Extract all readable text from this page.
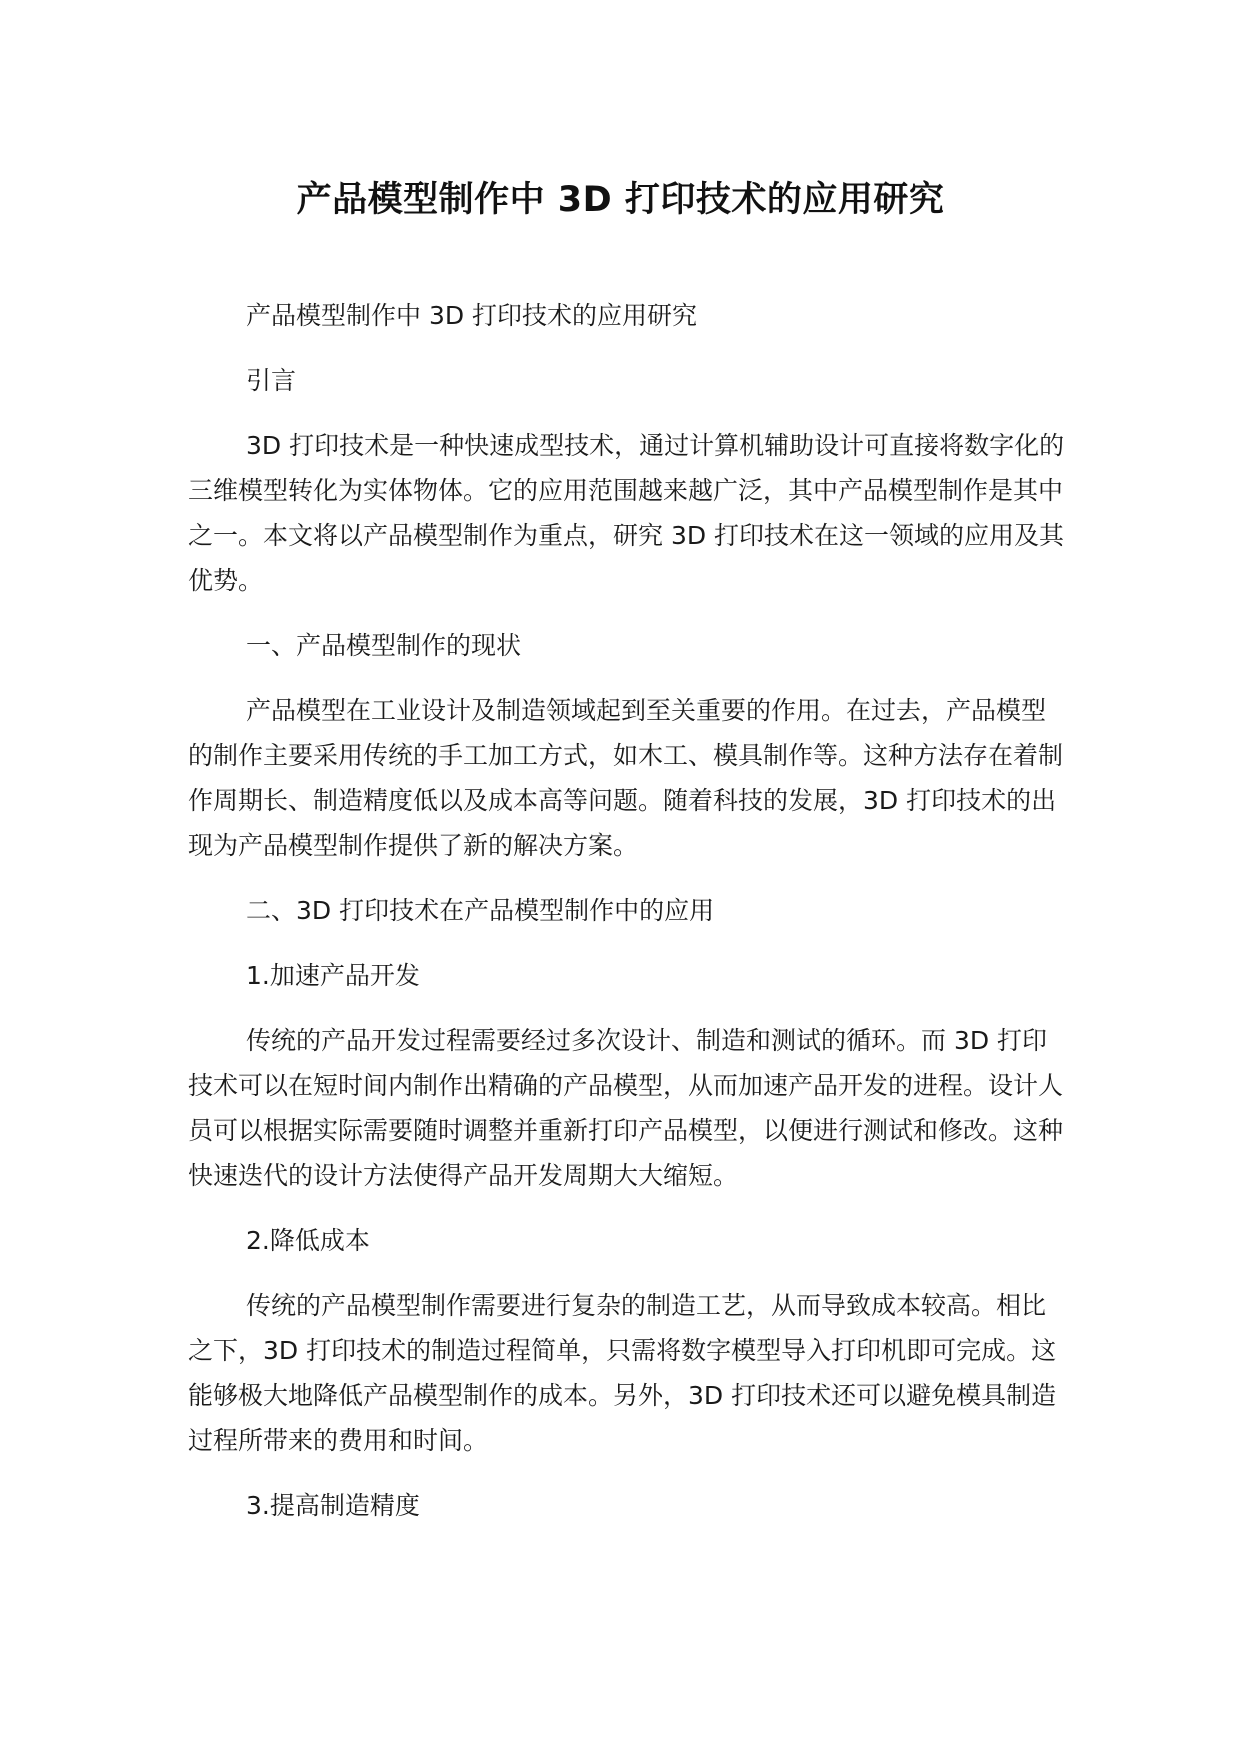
产品模型制作中 3D 打印技术的应用研究

产品模型制作中 3D 打印技术的应用研究

引言

3D 打印技术是一种快速成型技术，通过计算机辅助设计可直接将数字化的三维模型转化为实体物体。它的应用范围越来越广泛，其中产品模型制作是其中之一。本文将以产品模型制作为重点，研究 3D 打印技术在这一领域的应用及其优势。

一、产品模型制作的现状

产品模型在工业设计及制造领域起到至关重要的作用。在过去，产品模型的制作主要采用传统的手工加工方式，如木工、模具制作等。这种方法存在着制作周期长、制造精度低以及成本高等问题。随着科技的发展，3D 打印技术的出现为产品模型制作提供了新的解决方案。

二、3D 打印技术在产品模型制作中的应用

1.加速产品开发

传统的产品开发过程需要经过多次设计、制造和测试的循环。而 3D 打印技术可以在短时间内制作出精确的产品模型，从而加速产品开发的进程。设计人员可以根据实际需要随时调整并重新打印产品模型，以便进行测试和修改。这种快速迭代的设计方法使得产品开发周期大大缩短。

2.降低成本

传统的产品模型制作需要进行复杂的制造工艺，从而导致成本较高。相比之下，3D 打印技术的制造过程简单，只需将数字模型导入打印机即可完成。这能够极大地降低产品模型制作的成本。另外，3D 打印技术还可以避免模具制造过程所带来的费用和时间。

3.提高制造精度
